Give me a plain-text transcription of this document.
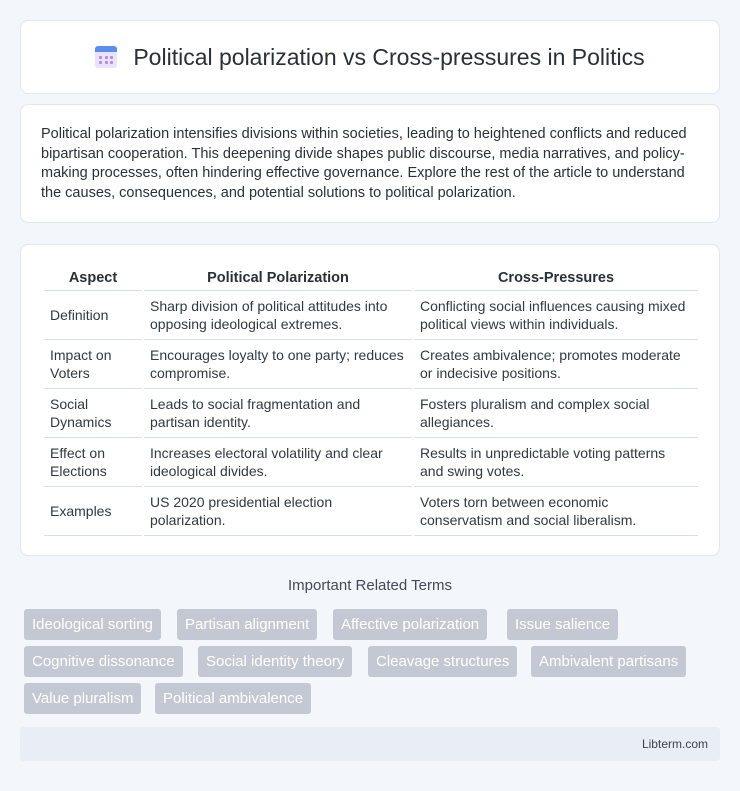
Political polarization vs Cross-pressures in Politics

Political polarization intensifies divisions within societies, leading to heightened conflicts and reduced bipartisan cooperation. This deepening divide shapes public discourse, media narratives, and policy-making processes, often hindering effective governance. Explore the rest of the article to understand the causes, consequences, and potential solutions to political polarization.

Aspect	Political Polarization	Cross-Pressures
Definition	Sharp division of political attitudes into opposing ideological extremes.	Conflicting social influences causing mixed political views within individuals.
Impact on Voters	Encourages loyalty to one party; reduces compromise.	Creates ambivalence; promotes moderate or indecisive positions.
Social Dynamics	Leads to social fragmentation and partisan identity.	Fosters pluralism and complex social allegiances.
Effect on Elections	Increases electoral volatility and clear ideological divides.	Results in unpredictable voting patterns and swing votes.
Examples	US 2020 presidential election polarization.	Voters torn between economic conservatism and social liberalism.
Important Related Terms
Ideological sorting	Partisan alignment	Affective polarization	Issue salience
Cognitive dissonance	Social identity theory	Cleavage structures	Ambivalent partisans
Value pluralism	Political ambivalence
Libterm.com
